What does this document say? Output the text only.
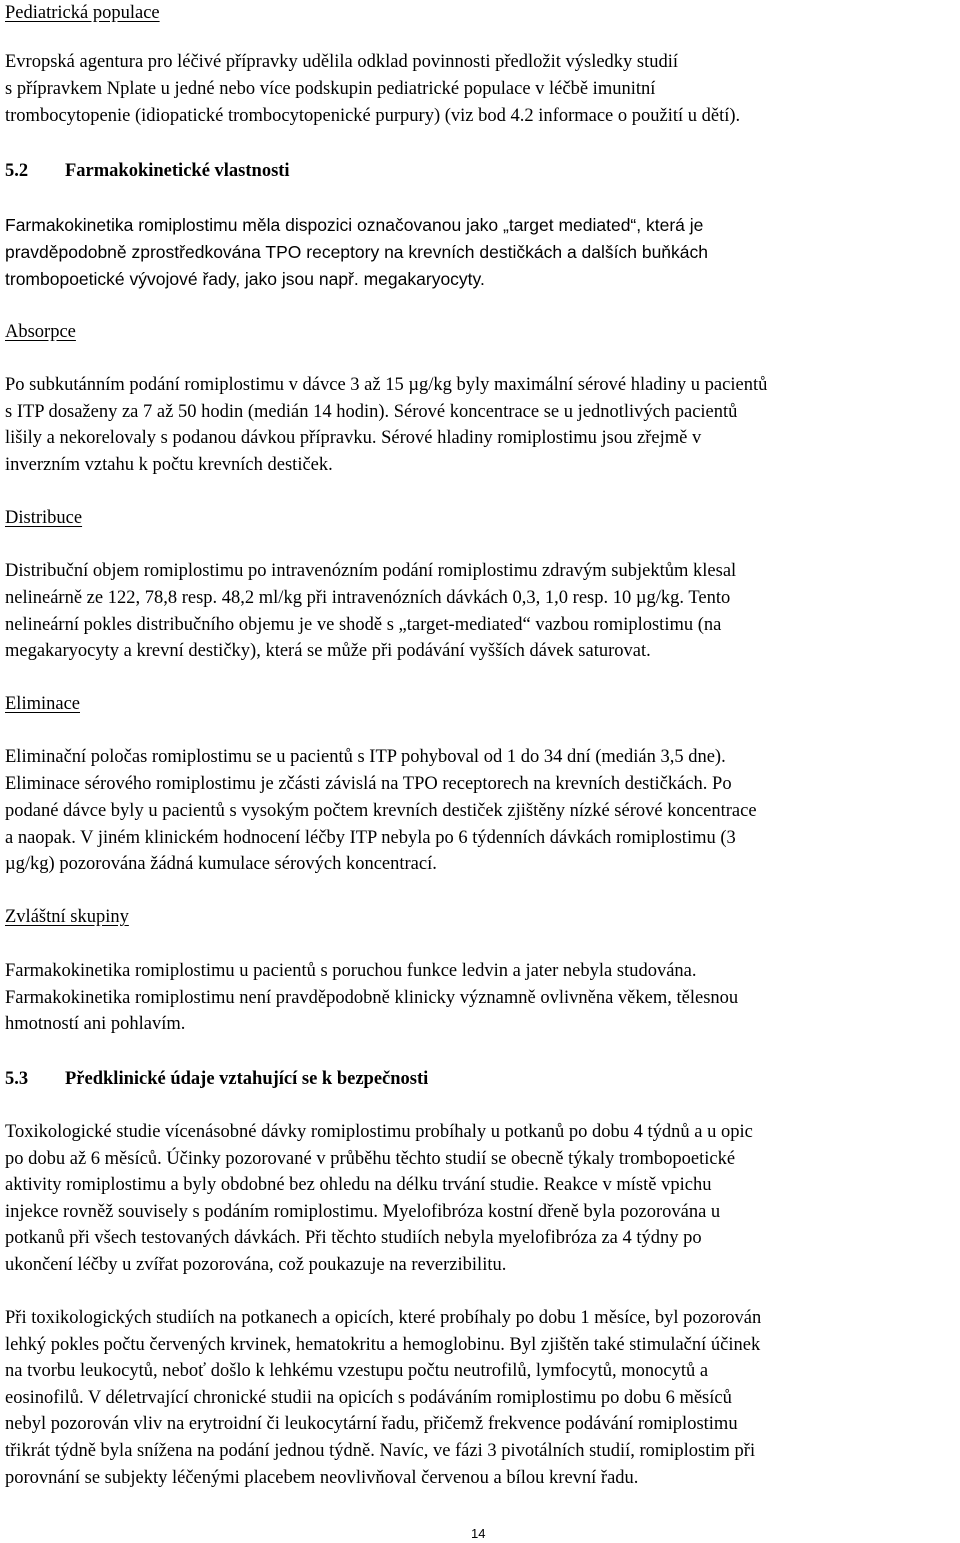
Pediatrická populace
Evropská agentura pro léčivé přípravky udělila odklad povinnosti předložit výsledky studií
s přípravkem Nplate u jedné nebo více podskupin pediatrické populace v léčbě imunitní
trombocytopenie (idiopatické trombocytopenické purpury) (viz bod 4.2 informace o použití u dětí).
5.2 Farmakokinetické vlastnosti
Farmakokinetika romiplostimu měla dispozici označovanou jako „target mediated“, která je
pravděpodobně zprostředkována TPO receptory na krevních destičkách a dalších buňkách
trombopoetické vývojové řady, jako jsou např. megakaryocyty.
Absorpce
Po subkutánním podání romiplostimu v dávce 3 až 15 µg/kg byly maximální sérové hladiny u pacientů
s ITP dosaženy za 7 až 50 hodin (medián 14 hodin). Sérové koncentrace se u jednotlivých pacientů
lišily a nekorelovaly s podanou dávkou přípravku. Sérové hladiny romiplostimu jsou zřejmě v
inverzním vztahu k počtu krevních destiček.
Distribuce
Distribuční objem romiplostimu po intravenózním podání romiplostimu zdravým subjektům klesal
nelineárně ze 122, 78,8 resp. 48,2 ml/kg při intravenózních dávkách 0,3, 1,0 resp. 10 µg/kg. Tento
nelineární pokles distribučního objemu je ve shodě s „target-mediated“ vazbou romiplostimu (na
megakaryocyty a krevní destičky), která se může při podávání vyšších dávek saturovat.
Eliminace
Eliminační poločas romiplostimu se u pacientů s ITP pohyboval od 1 do 34 dní (medián 3,5 dne).
Eliminace sérového romiplostimu je zčásti závislá na TPO receptorech na krevních destičkách. Po
podané dávce byly u pacientů s vysokým počtem krevních destiček zjištěny nízké sérové koncentrace
a naopak. V jiném klinickém hodnocení léčby ITP nebyla po 6 týdenních dávkách romiplostimu (3
µg/kg) pozorována žádná kumulace sérových koncentrací.
Zvláštní skupiny
Farmakokinetika romiplostimu u pacientů s poruchou funkce ledvin a jater nebyla studována.
Farmakokinetika romiplostimu není pravděpodobně klinicky významně ovlivněna věkem, tělesnou
hmotností ani pohlavím.
5.3 Předklinické údaje vztahující se k bezpečnosti
Toxikologické studie vícenásobné dávky romiplostimu probíhaly u potkanů po dobu 4 týdnů a u opic
po dobu až 6 měsíců. Účinky pozorované v průběhu těchto studií se obecně týkaly trombopoetické
aktivity romiplostimu a byly obdobné bez ohledu na délku trvání studie. Reakce v místě vpichu
injekce rovněž souvisely s podáním romiplostimu. Myelofibróza kostní dřeně byla pozorována u
potkanů při všech testovaných dávkách. Při těchto studiích nebyla myelofibróza za 4 týdny po
ukončení léčby u zvířat pozorována, což poukazuje na reverzibilitu.
Při toxikologických studiích na potkanech a opicích, které probíhaly po dobu 1 měsíce, byl pozorován
lehký pokles počtu červených krvinek, hematokritu a hemoglobinu. Byl zjištěn také stimulační účinek
na tvorbu leukocytů, neboť došlo k lehkému vzestupu počtu neutrofilů, lymfocytů, monocytů a
eosinofilů. V déletrvající chronické studii na opicích s podáváním romiplostimu po dobu 6 měsíců
nebyl pozorován vliv na erytroidní či leukocytární řadu, přičemž frekvence podávání romiplostimu
třikrát týdně byla snížena na podání jednou týdně. Navíc, ve fázi 3 pivotálních studií, romiplostim při
porovnání se subjekty léčenými placebem neovlivňoval červenou a bílou krevní řadu.
14
